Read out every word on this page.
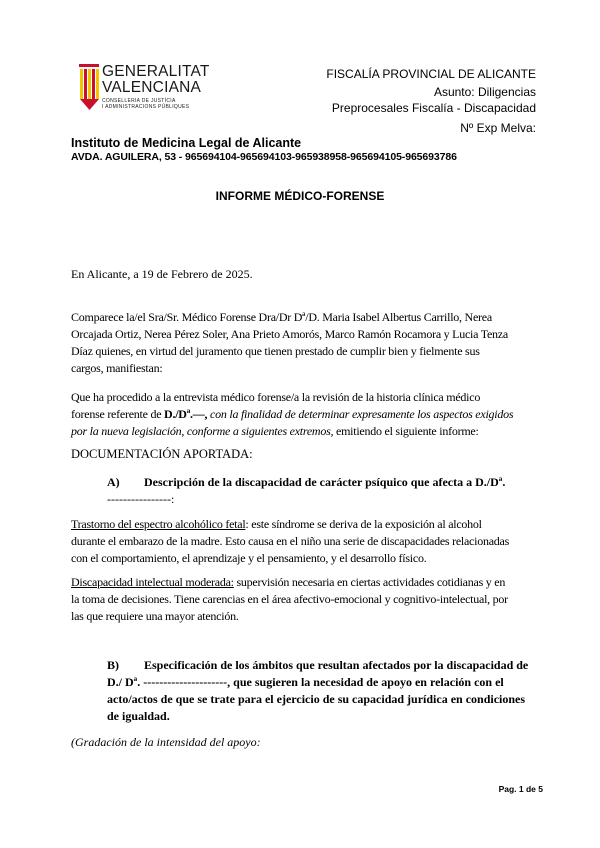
GENERALITAT
VALENCIANA
CONSELLERIA DE JUSTÍCIA
I ADMINISTRACIONS PÚBLIQUES
FISCALÍA PROVINCIAL DE ALICANTE
Asunto: Diligencias
Preprocesales Fiscalía - Discapacidad
Nº Exp Melva:
Instituto de Medicina Legal de Alicante
AVDA. AGUILERA, 53 - 965694104-965694103-965938958-965694105-965693786
INFORME MÉDICO-FORENSE
En Alicante, a 19 de Febrero de 2025.
Comparece la/el Sra/Sr. Médico Forense Dra/Dr Dª/D. Maria Isabel Albertus Carrillo, Nerea
Orcajada Ortiz, Nerea Pérez Soler, Ana Prieto Amorós, Marco Ramón Rocamora y Lucia Tenza
Díaz quienes, en virtud del juramento que tienen prestado de cumplir bien y fielmente sus
cargos, manifiestan:
Que ha procedido a la entrevista médico forense/a la revisión de la historia clínica médico
forense referente de D./Dª.—, con la finalidad de determinar expresamente los aspectos exigidos
por la nueva legislación, conforme a siguientes extremos, emitiendo el siguiente informe:
DOCUMENTACIÓN APORTADA:
A) Descripción de la discapacidad de carácter psíquico que afecta a D./Dª.
----------------:
Trastorno del espectro alcohólico fetal: este síndrome se deriva de la exposición al alcohol
durante el embarazo de la madre. Esto causa en el niño una serie de discapacidades relacionadas
con el comportamiento, el aprendizaje y el pensamiento, y el desarrollo físico.
Discapacidad intelectual moderada: supervisión necesaria en ciertas actividades cotidianas y en
la toma de decisiones. Tiene carencias en el área afectivo-emocional y cognitivo-intelectual, por
las que requiere una mayor atención.
B) Especificación de los ámbitos que resultan afectados por la discapacidad de
D./ Dª. ---------------------, que sugieren la necesidad de apoyo en relación con el
acto/actos de que se trate para el ejercicio de su capacidad jurídica en condiciones
de igualdad.
(Gradación de la intensidad del apoyo:
Pag. 1 de 5
